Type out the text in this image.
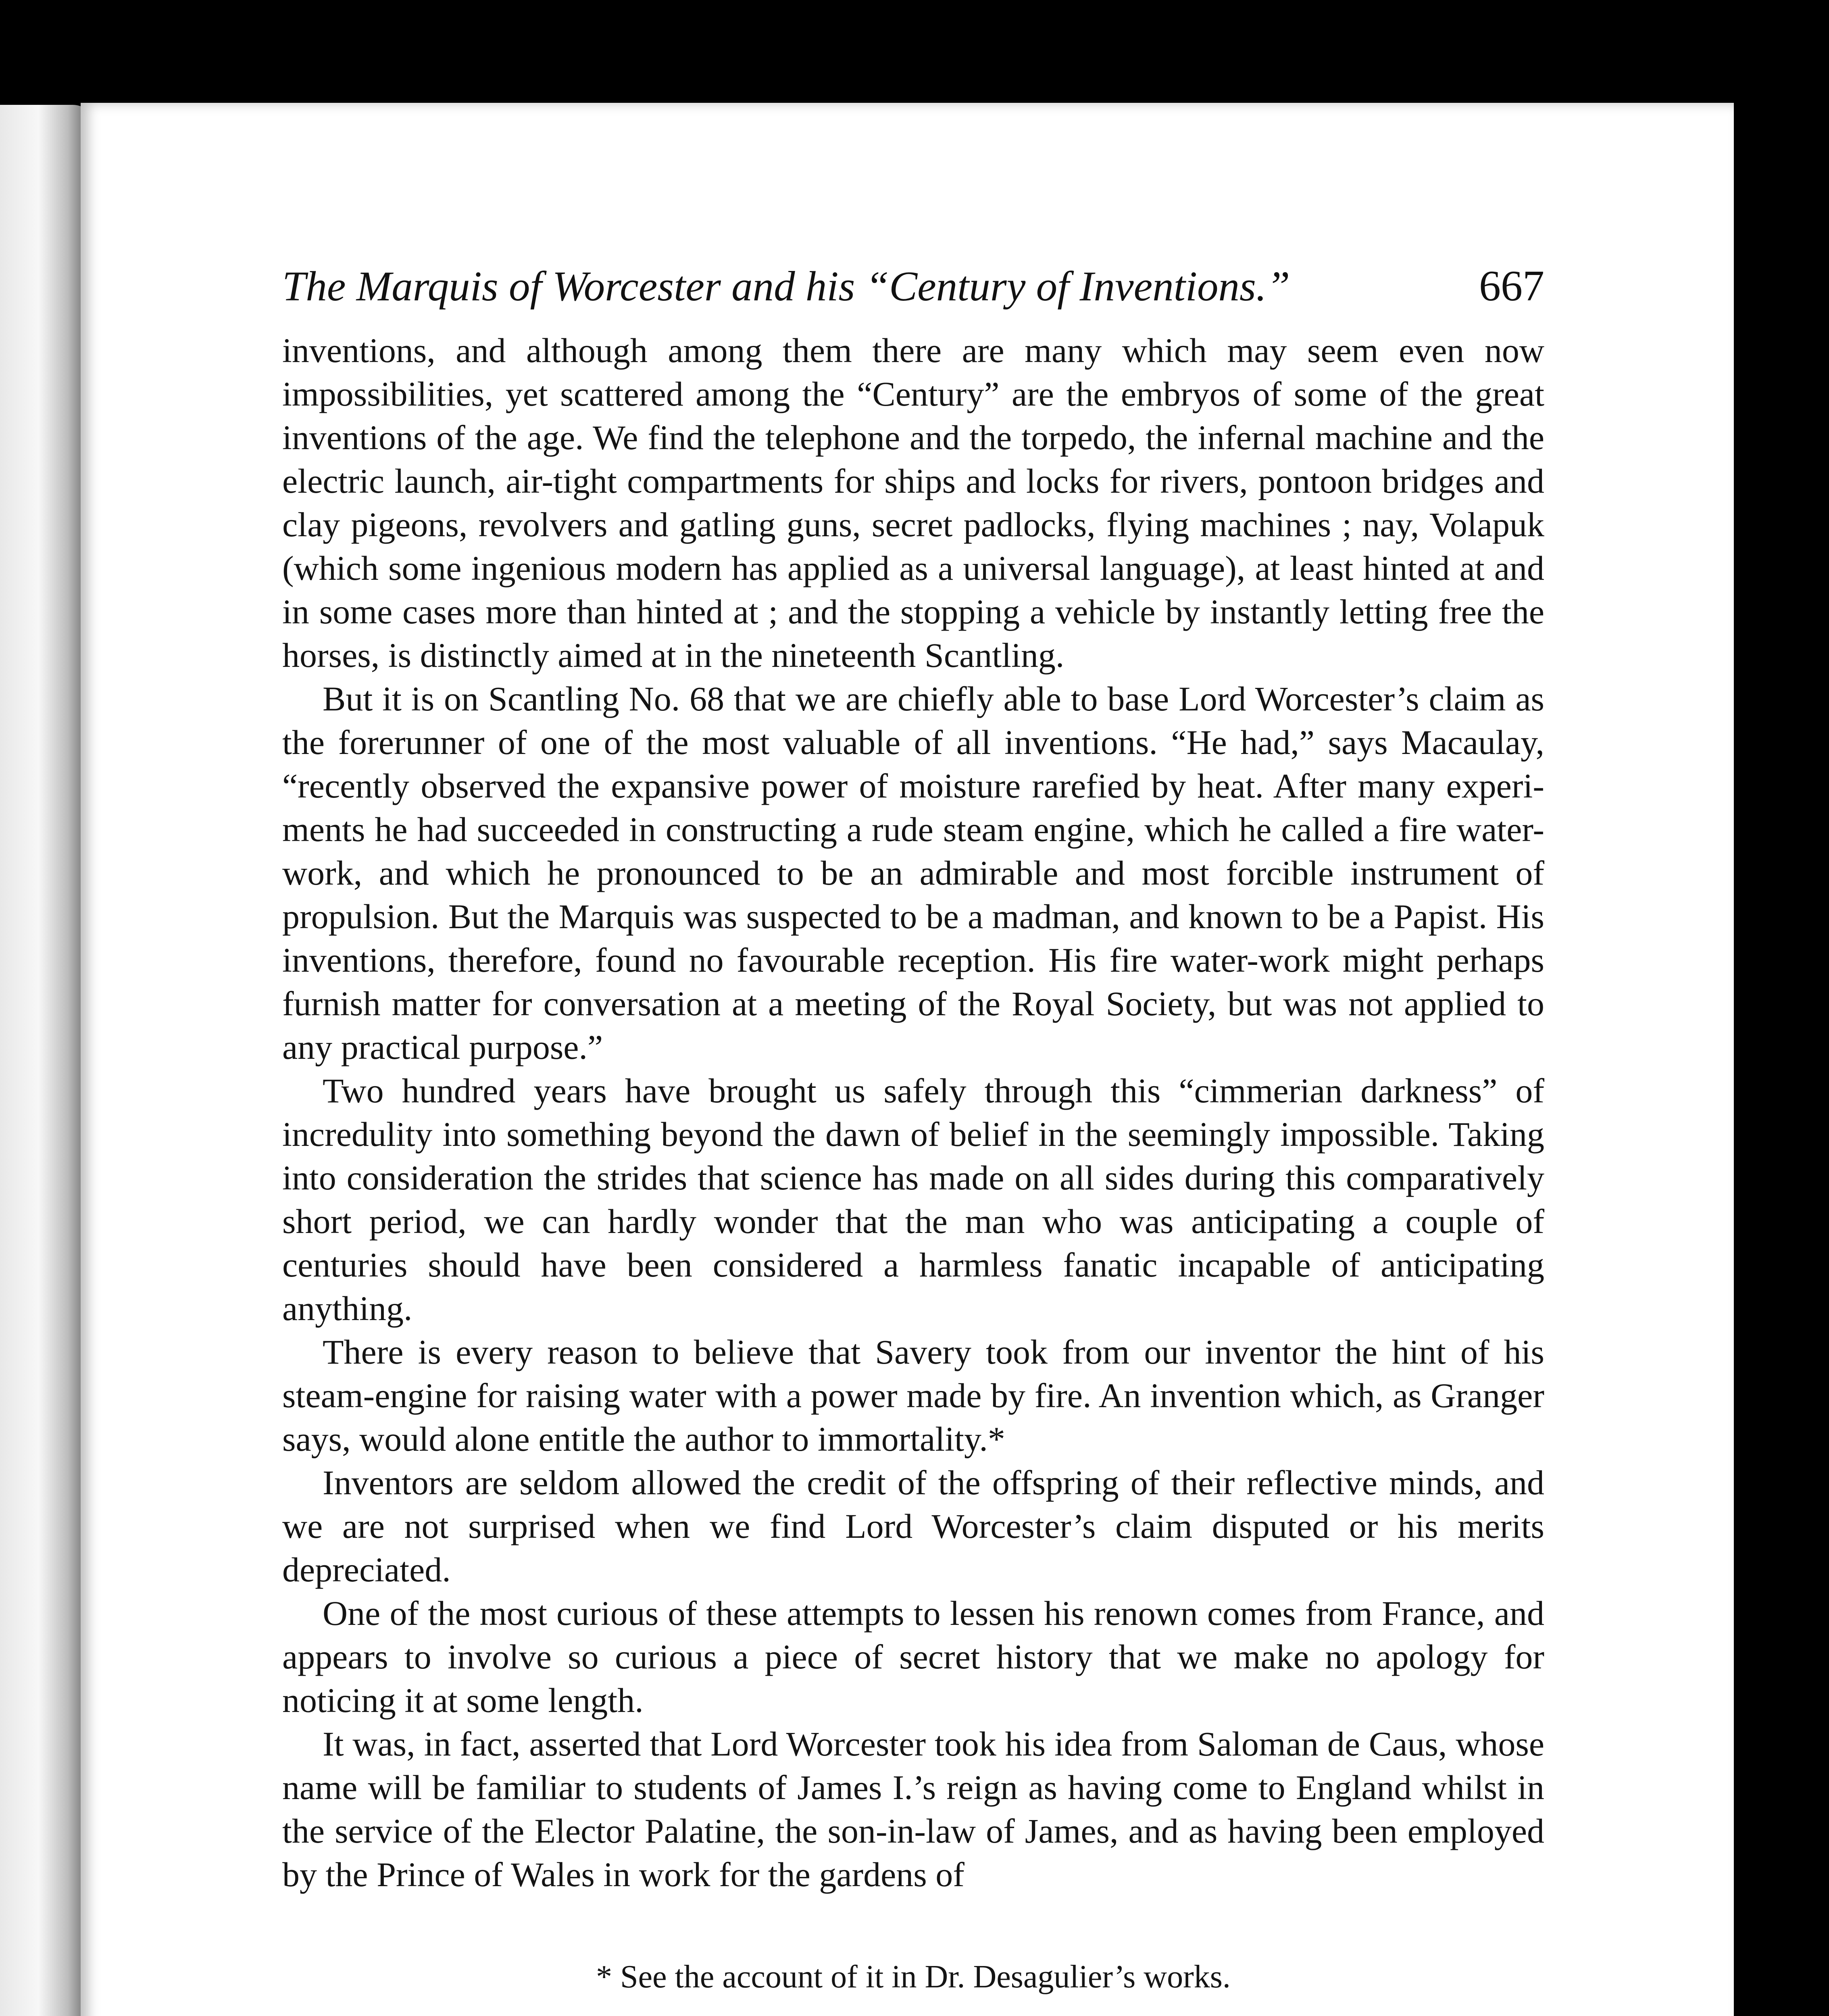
The Marquis of Worcester and his “Century of Inventions.”	667

inventions, and although among them there are many which may seem even now impossibilities, yet scattered among the “Century” are the embryos of some of the great inventions of the age. We find the telephone and the torpedo, the infernal machine and the electric launch, air-tight compartments for ships and locks for rivers, pontoon bridges and clay pigeons, revolvers and gatling guns, secret padlocks, flying machines ; nay, Volapuk (which some ingenious modern has applied as a universal language), at least hinted at and in some cases more than hinted at ; and the stopping a vehicle by instantly letting free the horses, is distinctly aimed at in the nineteenth Scantling.

But it is on Scantling No. 68 that we are chiefly able to base Lord Worcester’s claim as the forerunner of one of the most valuable of all inventions. “He had,” says Macaulay, “recently observed the expansive power of moisture rarefied by heat. After many experi-ments he had succeeded in constructing a rude steam engine, which he called a fire water-work, and which he pronounced to be an admirable and most forcible instrument of propulsion. But the Marquis was suspected to be a madman, and known to be a Papist. His inventions, therefore, found no favourable reception. His fire water-work might perhaps furnish matter for conversation at a meeting of the Royal Society, but was not applied to any practical purpose.”

Two hundred years have brought us safely through this “cimmerian darkness” of incredulity into something beyond the dawn of belief in the seemingly impossible. Taking into consideration the strides that science has made on all sides during this comparatively short period, we can hardly wonder that the man who was anticipating a couple of centuries should have been considered a harmless fanatic incapable of anticipating anything.

There is every reason to believe that Savery took from our inventor the hint of his steam-engine for raising water with a power made by fire. An invention which, as Granger says, would alone entitle the author to immortality.*

Inventors are seldom allowed the credit of the offspring of their reflective minds, and we are not surprised when we find Lord Worcester’s claim disputed or his merits depreciated.

One of the most curious of these attempts to lessen his renown comes from France, and appears to involve so curious a piece of secret history that we make no apology for noticing it at some length.

It was, in fact, asserted that Lord Worcester took his idea from Saloman de Caus, whose name will be familiar to students of James I.’s reign as having come to England whilst in the service of the Elector Palatine, the son-in-law of James, and as having been employed by the Prince of Wales in work for the gardens of

* See the account of it in Dr. Desagulier’s works.
